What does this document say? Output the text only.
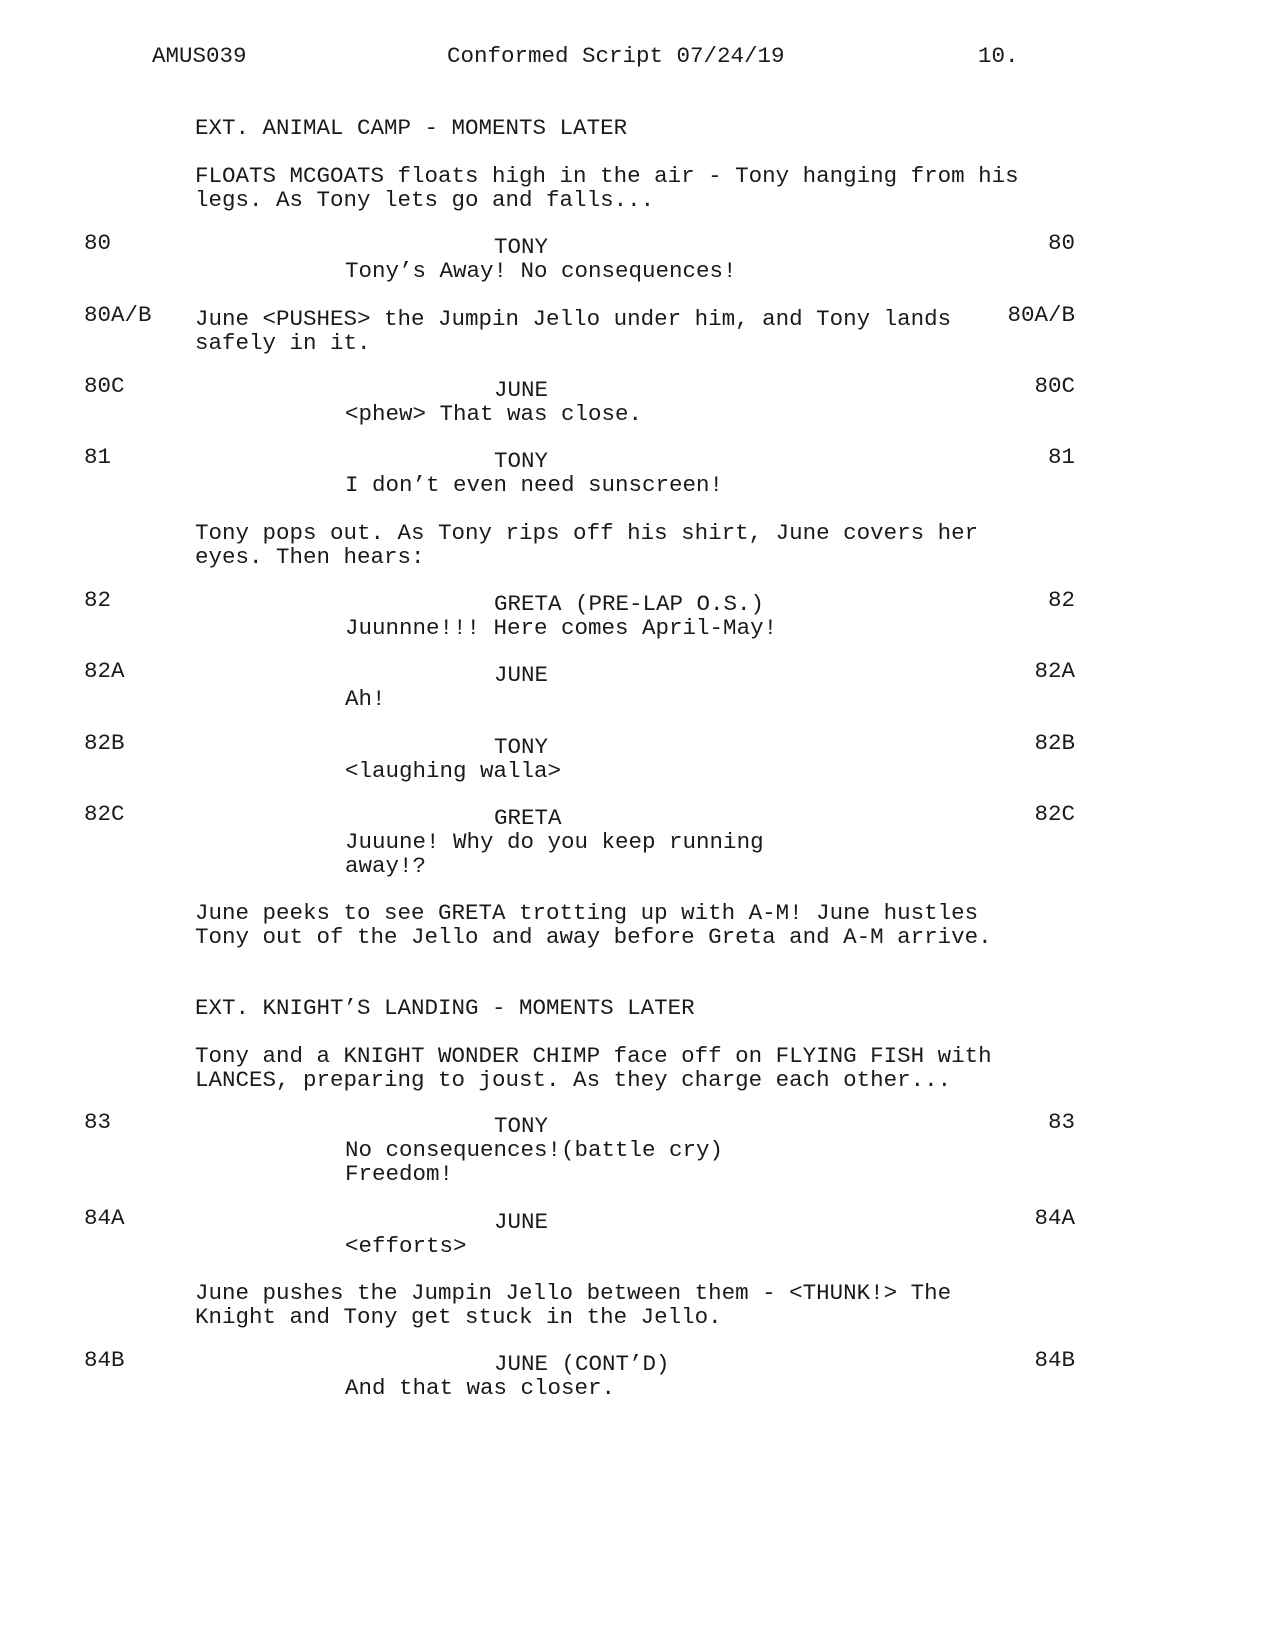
AMUS039	Conformed Script 07/24/19	10.
EXT. ANIMAL CAMP - MOMENTS LATER
FLOATS MCGOATS floats high in the air - Tony hanging from his
legs. As Tony lets go and falls...
80	80
TONY
Tony’s Away! No consequences!
80A/B	80A/B
June <PUSHES> the Jumpin Jello under him, and Tony lands
safely in it.
80C	80C
JUNE
<phew> That was close.
81	81
TONY
I don’t even need sunscreen!
Tony pops out. As Tony rips off his shirt, June covers her
eyes. Then hears:
82	82
GRETA (PRE-LAP O.S.)
Juunnne!!! Here comes April-May!
82A	82A
JUNE
Ah!
82B	82B
TONY
<laughing walla>
82C	82C
GRETA
Juuune! Why do you keep running
away!?
June peeks to see GRETA trotting up with A-M! June hustles
Tony out of the Jello and away before Greta and A-M arrive.
EXT. KNIGHT’S LANDING - MOMENTS LATER
Tony and a KNIGHT WONDER CHIMP face off on FLYING FISH with
LANCES, preparing to joust. As they charge each other...
83	83
TONY
No consequences!(battle cry)
Freedom!
84A	84A
JUNE
<efforts>
June pushes the Jumpin Jello between them - <THUNK!> The
Knight and Tony get stuck in the Jello.
84B	84B
JUNE (CONT’D)
And that was closer.
